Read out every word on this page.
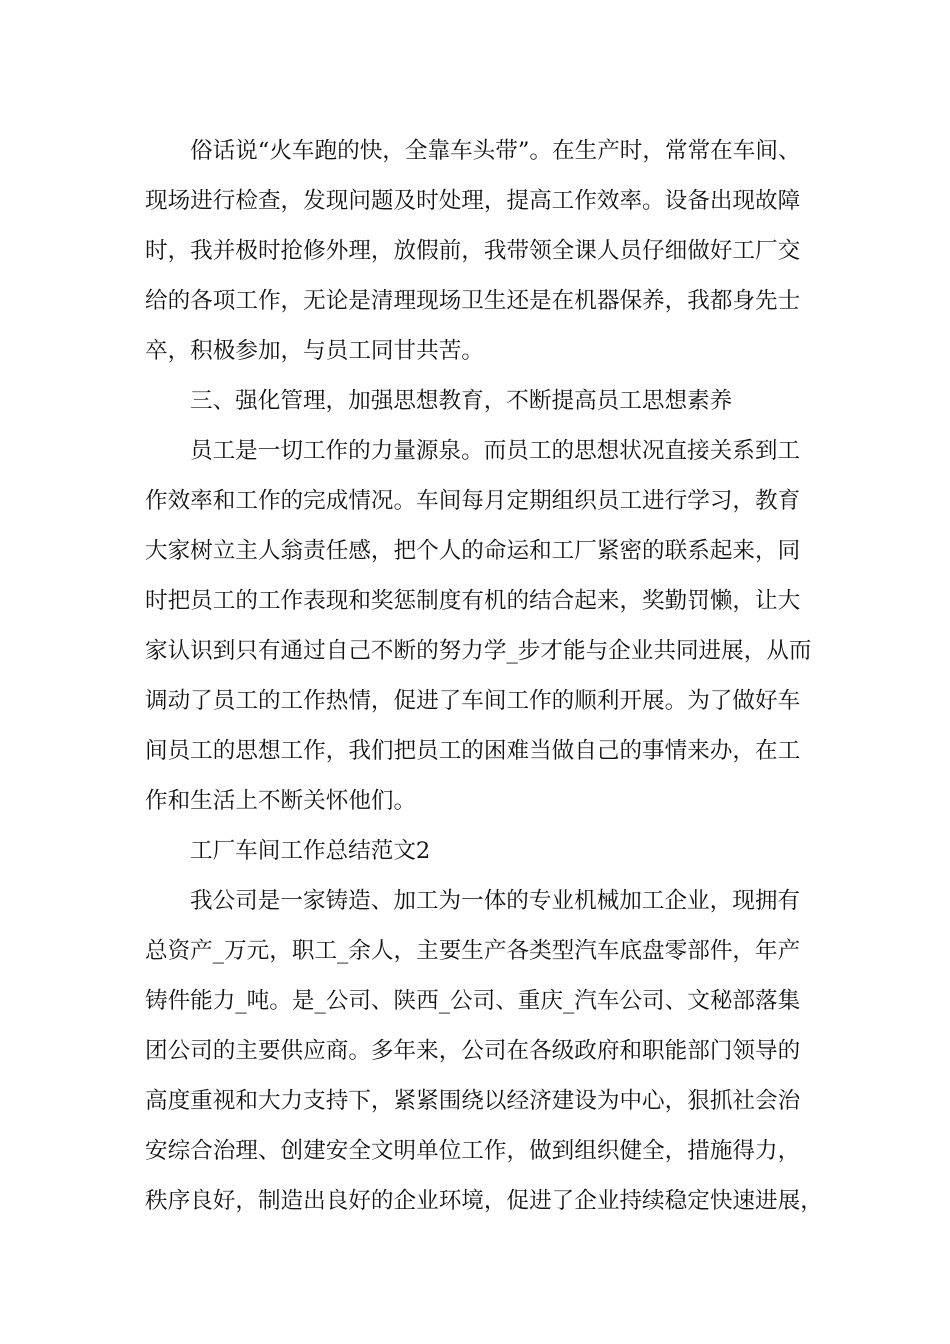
俗话说“火车跑的快，全靠车头带”。在生产时，常常在车间、
现场进行检查，发现问题及时处理，提高工作效率。设备出现故障
时，我并极时抢修外理，放假前，我带领全课人员仔细做好工厂交
给的各项工作，无论是清理现场卫生还是在机器保养，我都身先士
卒，积极参加，与员工同甘共苦。
三、强化管理，加强思想教育，不断提高员工思想素养
员工是一切工作的力量源泉。而员工的思想状况直接关系到工
作效率和工作的完成情况。车间每月定期组织员工进行学习，教育
大家树立主人翁责任感，把个人的命运和工厂紧密的联系起来，同
时把员工的工作表现和奖惩制度有机的结合起来，奖勤罚懒，让大
家认识到只有通过自己不断的努力学_步才能与企业共同进展，从而
调动了员工的工作热情，促进了车间工作的顺利开展。为了做好车
间员工的思想工作，我们把员工的困难当做自己的事情来办，在工
作和生活上不断关怀他们。
工厂车间工作总结范文2
我公司是一家铸造、加工为一体的专业机械加工企业，现拥有
总资产_万元，职工_余人，主要生产各类型汽车底盘零部件，年产
铸件能力_吨。是_公司、陕西_公司、重庆_汽车公司、文秘部落集
团公司的主要供应商。多年来，公司在各级政府和职能部门领导的
高度重视和大力支持下，紧紧围绕以经济建设为中心，狠抓社会治
安综合治理、创建安全文明单位工作，做到组织健全，措施得力，
秩序良好，制造出良好的企业环境，促进了企业持续稳定快速进展，
